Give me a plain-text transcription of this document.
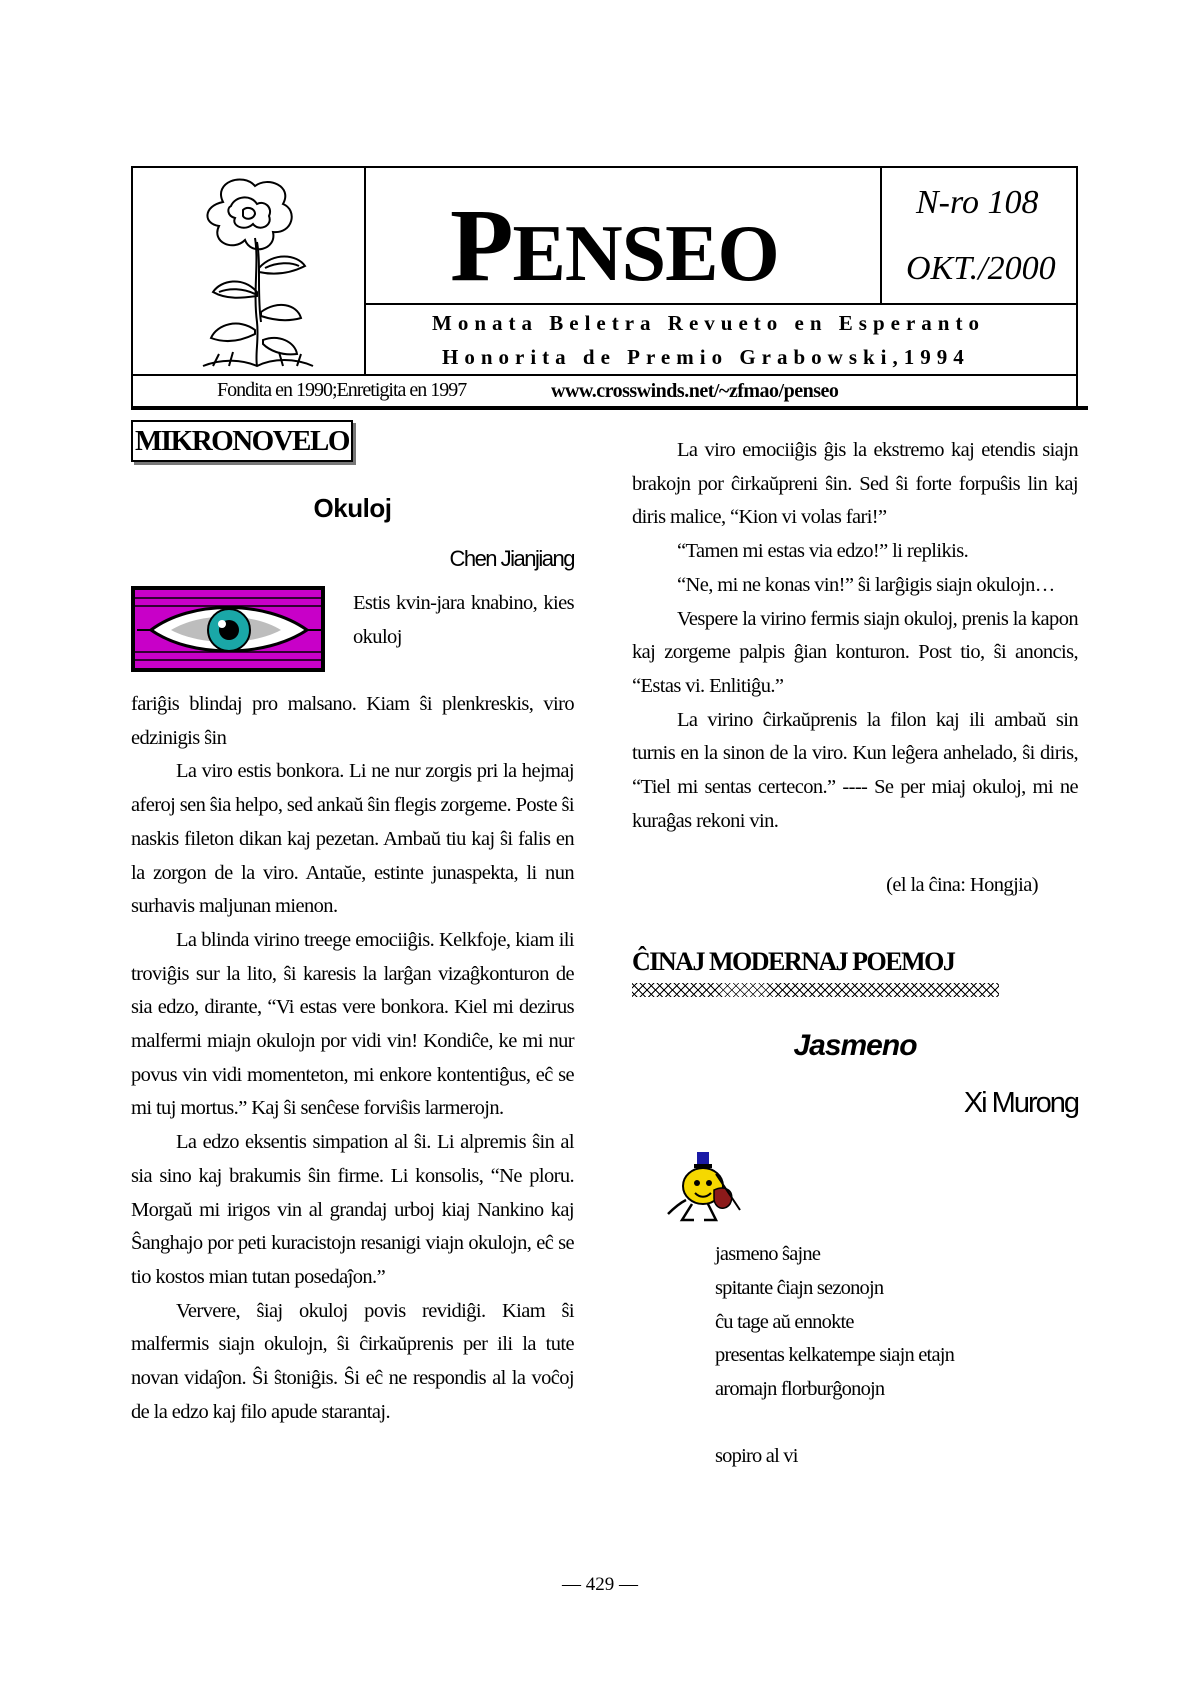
PENSEO
N-ro 108
OKT./2000
Monata Beletra Revueto en Esperanto
Honorita de Premio Grabowski,1994
Fondita en 1990;Enretigita en 1997	www.crosswinds.net/~zfmao/penseo
MIKRONOVELO
Okuloj
Chen Jianjiang

Estis kvin-jara knabino, kies okuloj

fariĝis blindaj pro malsano. Kiam ŝi plenkreskis, viro edzinigis ŝin

La viro estis bonkora. Li ne nur zorgis pri la hejmaj aferoj sen ŝia helpo, sed ankaŭ ŝin flegis zorgeme. Poste ŝi naskis fileton dikan kaj pezetan. Ambaŭ tiu kaj ŝi falis en la zorgon de la viro. Antaŭe, estinte junaspekta, li nun surhavis maljunan mienon.

La blinda virino treege emociiĝis. Kelkfoje, kiam ili troviĝis sur la lito, ŝi karesis la larĝan vizaĝkonturon de sia edzo, dirante, “Vi estas vere bonkora. Kiel mi dezirus malfermi miajn okulojn por vidi vin! Kondiĉe, ke mi nur povus vin vidi momenteton, mi enkore kontentiĝus, eĉ se mi tuj mortus.” Kaj ŝi senĉese forviŝis larmerojn.

La edzo eksentis simpation al ŝi. Li alpremis ŝin al sia sino kaj brakumis ŝin firme. Li konsolis, “Ne ploru. Morgaŭ mi irigos vin al grandaj urboj kiaj Nankino kaj Ŝanghajo por peti kuracistojn resanigi viajn okulojn, eĉ se tio kostos mian tutan posedaĵon.”

Ververe, ŝiaj okuloj povis revidiĝi. Kiam ŝi malfermis siajn okulojn, ŝi ĉirkaŭprenis per ili la tute novan vidaĵon. Ŝi ŝtoniĝis. Ŝi eĉ ne respondis al la voĉoj de la edzo kaj filo apude starantaj.

La viro emociiĝis ĝis la ekstremo kaj etendis siajn brakojn por ĉirkaŭpreni ŝin. Sed ŝi forte forpuŝis lin kaj diris malice, “Kion vi volas fari!”

“Tamen mi estas via edzo!” li replikis.

“Ne, mi ne konas vin!” ŝi larĝigis siajn okulojn…

Vespere la virino fermis siajn okuloj, prenis la kapon kaj zorgeme palpis ĝian konturon. Post tio, ŝi anoncis, “Estas vi. Enlitiĝu.”

La virino ĉirkaŭprenis la filon kaj ili ambaŭ sin turnis en la sinon de la viro. Kun leĝera anhelado, ŝi diris, “Tiel mi sentas certecon.” ---- Se per miaj okuloj, mi ne kuraĝas rekoni vin.

(el la ĉina: Hongjia)

ĈINAJ MODERNAJ POEMOJ
Jasmeno
Xi Murong
jasmeno ŝajne
spitante ĉiajn sezonojn
ĉu tage aŭ ennokte
presentas kelkatempe siajn etajn
aromajn florburĝonojn
sopiro al vi
— 429 —
